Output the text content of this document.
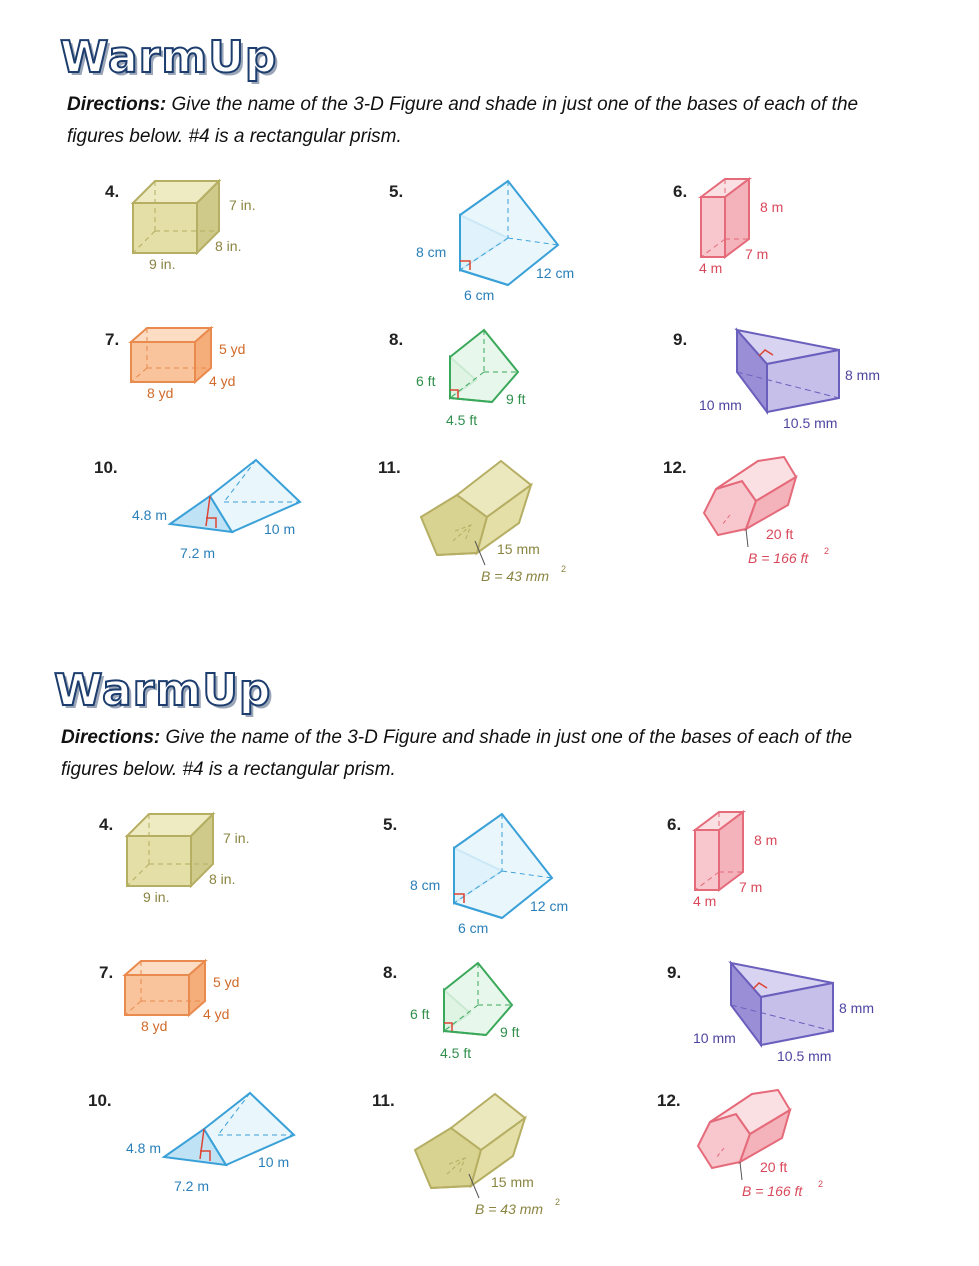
WarmUp
Directions: Give the name of the 3-D Figure and shade in just one of the bases of each of the
figures below. #4 is a rectangular prism.
4.
7 in.
8 in.
9 in.
5.
8 cm
12 cm
6 cm
6.
8 m
7 m
4 m
7.	5 yd
4 yd
8 yd
8.
6 ft
9 ft
4.5 ft
9.
8 mm
10 mm
10.5 mm
10.
4.8 m
10 m
7.2 m
11.
15 mm
B = 43 mm 2
12.
20 ft
B = 166 ft 2
WarmUp
Directions: Give the name of the 3-D Figure and shade in just one of the bases of each of the
figures below. #4 is a rectangular prism.
4.
7 in.
8 in.
9 in.
5.
8 cm
12 cm
6 cm
6.
8 m
7 m
4 m
7.	5 yd
4 yd
8 yd
8.
6 ft
9 ft
4.5 ft
9.
8 mm
10 mm
10.5 mm
10.
4.8 m
10 m
7.2 m
11.
15 mm
B = 43 mm 2
12.
20 ft
B = 166 ft 2
